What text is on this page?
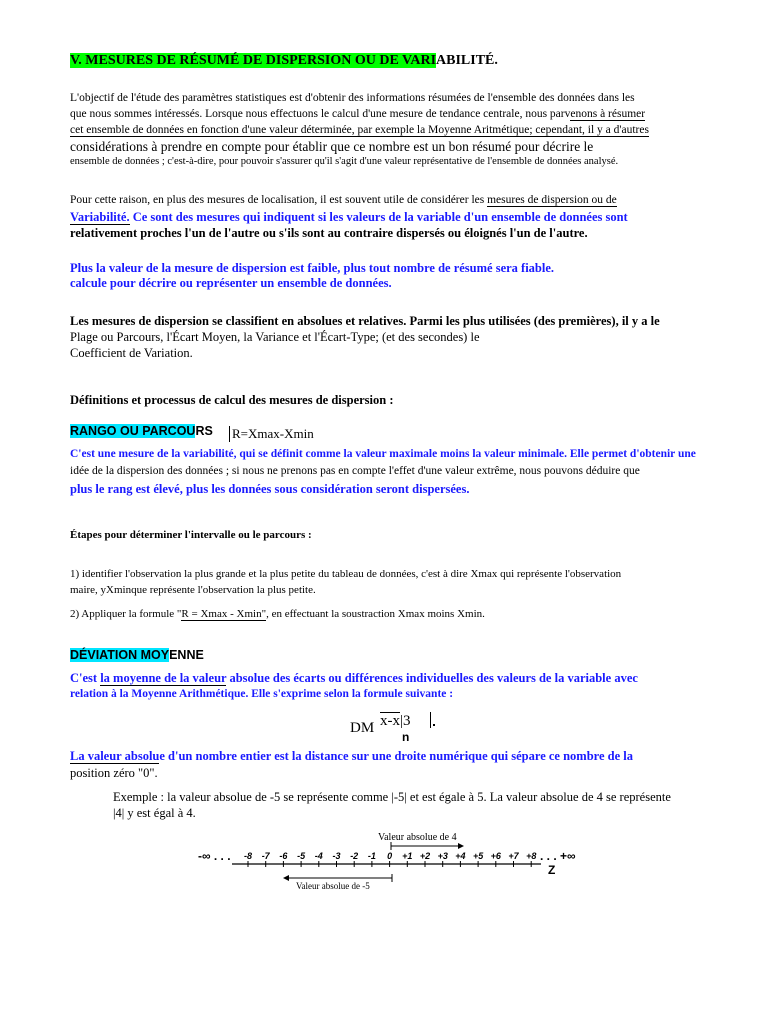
V. MESURES DE RÉSUMÉ DE DISPERSION OU DE VARIABILITÉ.
L'objectif de l'étude des paramètres statistiques est d'obtenir des informations résumées de l'ensemble des données dans les
que nous sommes intéressés. Lorsque nous effectuons le calcul d'une mesure de tendance centrale, nous parvenons à résumer
cet ensemble de données en fonction d'une valeur déterminée, par exemple la Moyenne Aritmétique; cependant, il y a d'autres
considérations à prendre en compte pour établir que ce nombre est un bon résumé pour décrire le
ensemble de données ; c'est-à-dire, pour pouvoir s'assurer qu'il s'agit d'une valeur représentative de l'ensemble de données analysé.
Pour cette raison, en plus des mesures de localisation, il est souvent utile de considérer les mesures de dispersion ou de
Variabilité. Ce sont des mesures qui indiquent si les valeurs de la variable d'un ensemble de données sont
relativement proches l'un de l'autre ou s'ils sont au contraire dispersés ou éloignés l'un de l'autre.
Plus la valeur de la mesure de dispersion est faible, plus tout nombre de résumé sera fiable.
calcule pour décrire ou représenter un ensemble de données.
Les mesures de dispersion se classifient en absolues et relatives. Parmi les plus utilisées (des premières), il y a le
Plage ou Parcours, l'Écart Moyen, la Variance et l'Écart-Type; (et des secondes) le
Coefficient de Variation.
Définitions et processus de calcul des mesures de dispersion :
RANGO OU PARCOURS R=Xmax-Xmin
C'est une mesure de la variabilité, qui se définit comme la valeur maximale moins la valeur minimale. Elle permet d'obtenir une
idée de la dispersion des données ; si nous ne prenons pas en compte l'effet d'une valeur extrême, nous pouvons déduire que
plus le rang est élevé, plus les données sous considération seront dispersées.
Étapes pour déterminer l'intervalle ou le parcours :
1) identifier l'observation la plus grande et la plus petite du tableau de données, c'est à dire Xmax qui représente l'observation
maire, yXminque représente l'observation la plus petite.
2) Appliquer la formule "R = Xmax - Xmin", en effectuant la soustraction Xmax moins Xmin.
DÉVIATION MOYENNE
C'est la moyenne de la valeur absolue des écarts ou différences individuelles des valeurs de la variable avec
relation à la Moyenne Arithmétique. Elle s'exprime selon la formule suivante :
DM x-x|3
n
La valeur absolue d'un nombre entier est la distance sur une droite numérique qui sépare ce nombre de la
position zéro "0".
Exemple : la valeur absolue de -5 se représente comme |-5| et est égale à 5. La valeur absolue de 4 se représente
|4| y est égal à 4.
Valeur absolue de 4
-∞ . . .	. . . +∞
-8 -7 -6 -5 -4 -3 -2 -1 0 +1 +2 +3 +4 +5 +6 +7 +8
Z
Valeur absolue de -5
